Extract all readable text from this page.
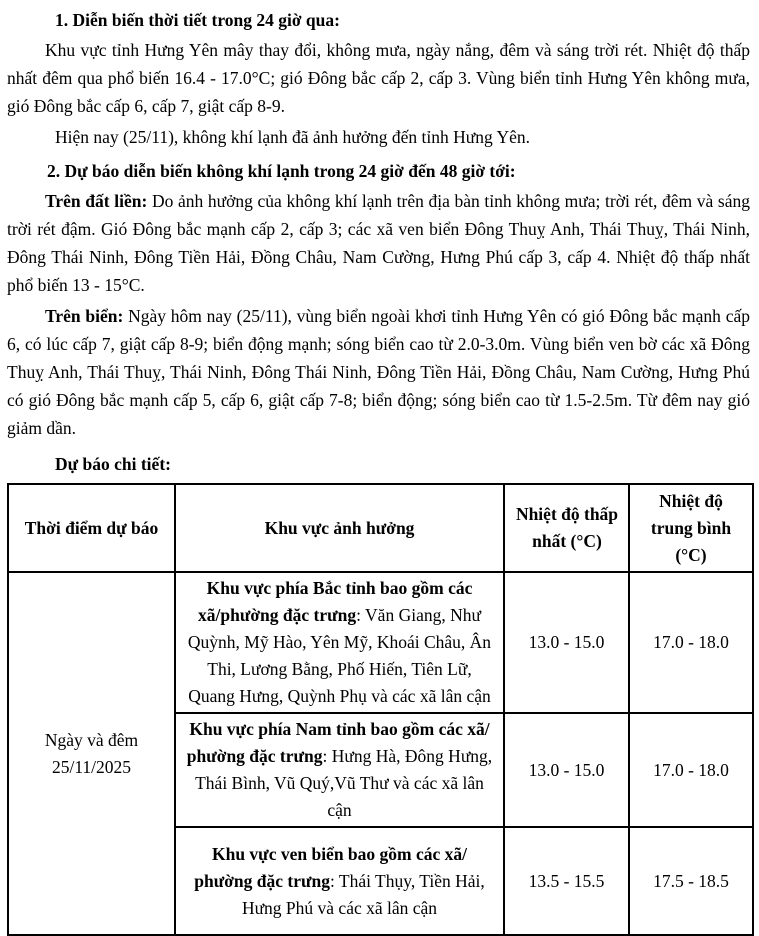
1. Diễn biến thời tiết trong 24 giờ qua:
Khu vực tỉnh Hưng Yên mây thay đổi, không mưa, ngày nắng, đêm và sáng trời rét. Nhiệt độ thấp nhất đêm qua phổ biến 16.4 - 17.0°C; gió Đông bắc cấp 2, cấp 3. Vùng biển tỉnh Hưng Yên không mưa, gió Đông bắc cấp 6, cấp 7, giật cấp 8-9.
Hiện nay (25/11), không khí lạnh đã ảnh hưởng đến tỉnh Hưng Yên.
2. Dự báo diễn biến không khí lạnh trong 24 giờ đến 48 giờ tới:
Trên đất liền: Do ảnh hưởng của không khí lạnh trên địa bàn tỉnh không mưa; trời rét, đêm và sáng trời rét đậm. Gió Đông bắc mạnh cấp 2, cấp 3; các xã ven biển Đông Thuỵ Anh, Thái Thuỵ, Thái Ninh, Đông Thái Ninh, Đông Tiền Hải, Đồng Châu, Nam Cường, Hưng Phú cấp 3, cấp 4. Nhiệt độ thấp nhất phổ biến 13 - 15°C.
Trên biển: Ngày hôm nay (25/11), vùng biển ngoài khơi tỉnh Hưng Yên có gió Đông bắc mạnh cấp 6, có lúc cấp 7, giật cấp 8-9; biển động mạnh; sóng biển cao từ 2.0-3.0m. Vùng biển ven bờ các xã Đông Thuỵ Anh, Thái Thuỵ, Thái Ninh, Đông Thái Ninh, Đông Tiền Hải, Đồng Châu, Nam Cường, Hưng Phú có gió Đông bắc mạnh cấp 5, cấp 6, giật cấp 7-8; biển động; sóng biển cao từ 1.5-2.5m. Từ đêm nay gió giảm dần.
Dự báo chi tiết:
Thời điểm dự báo	Khu vực ảnh hưởng	Nhiệt độ thấp nhất (°C)	Nhiệt độ trung bình (°C)

Ngày và đêm
25/11/2025	Khu vực phía Bắc tỉnh bao gồm các xã/phường đặc trưng: Văn Giang, Như Quỳnh, Mỹ Hào, Yên Mỹ, Khoái Châu, Ân Thi, Lương Bằng, Phố Hiến, Tiên Lữ, Quang Hưng, Quỳnh Phụ và các xã lân cận	13.0 - 15.0	17.0 - 18.0
	Khu vực phía Nam tỉnh bao gồm các xã/ phường đặc trưng: Hưng Hà, Đông Hưng, Thái Bình, Vũ Quý,Vũ Thư và các xã lân cận	13.0 - 15.0	17.0 - 18.0
	Khu vực ven biển bao gồm các xã/ phường đặc trưng: Thái Thụy, Tiền Hải, Hưng Phú và các xã lân cận	13.5 - 15.5	17.5 - 18.5
